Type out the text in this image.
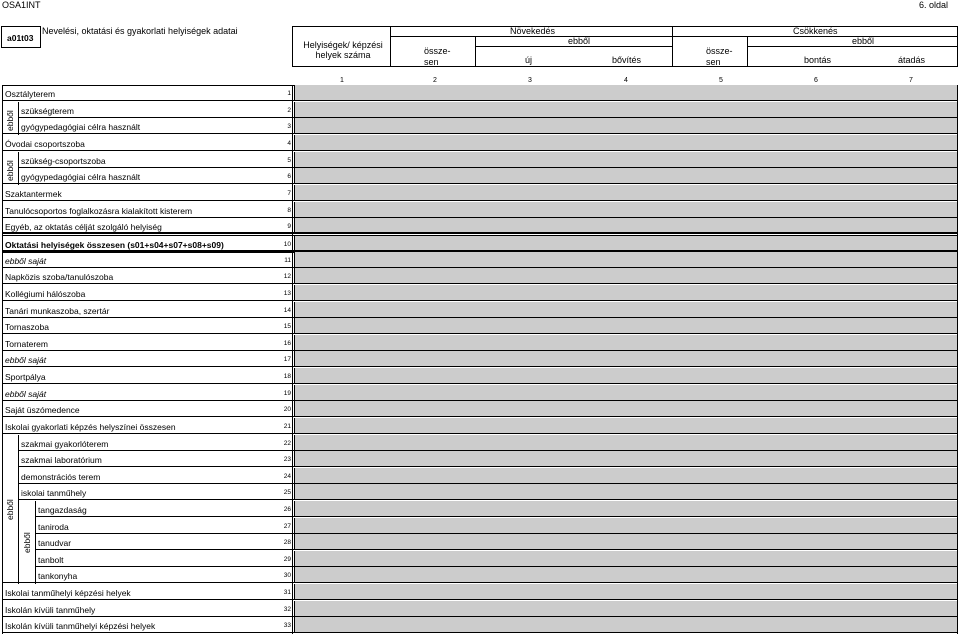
OSA1INT	6. oldal
a01t03
Nevelési, oktatási és gyakorlati helyiségek adatai
Helyiségek/ képzési helyek száma
Növekedés
ebből
össze-
sen	új	bővítés
Csökkenés
ebből
össze-
sen	bontás	átadás
1	2	3	4	5	6	7
Osztályterem	1
szükségterem	2
gyógypedagógiai célra használt	3
Óvodai csoportszoba	4
szükség-csoportszoba	5
gyógypedagógiai célra használt	6
Szaktantermek	7
Tanulócsoportos foglalkozásra kialakított kisterem	8
Egyéb, az oktatás célját szolgáló helyiség	9
Oktatási helyiségek összesen (s01+s04+s07+s08+s09)	10
ebből saját	11
Napközis szoba/tanulószoba	12
Kollégiumi hálószoba	13
Tanári munkaszoba, szertár	14
Tornaszoba	15
Tornaterem	16
ebből saját	17
Sportpálya	18
ebből saját	19
Saját üszómedence	20
Iskolai gyakorlati képzés helyszínei összesen	21
szakmai gyakorlóterem	22
szakmai laboratórium	23
demonstrációs terem	24
iskolai tanműhely	25
tangazdaság	26
taniroda	27
tanudvar	28
tanbolt	29
tankonyha	30
Iskolai tanműhelyi képzési helyek	31
Iskolán kívüli tanműhely	32
Iskolán kívüli tanműhelyi képzési helyek	33
ebből
ebből
ebből
ebből
